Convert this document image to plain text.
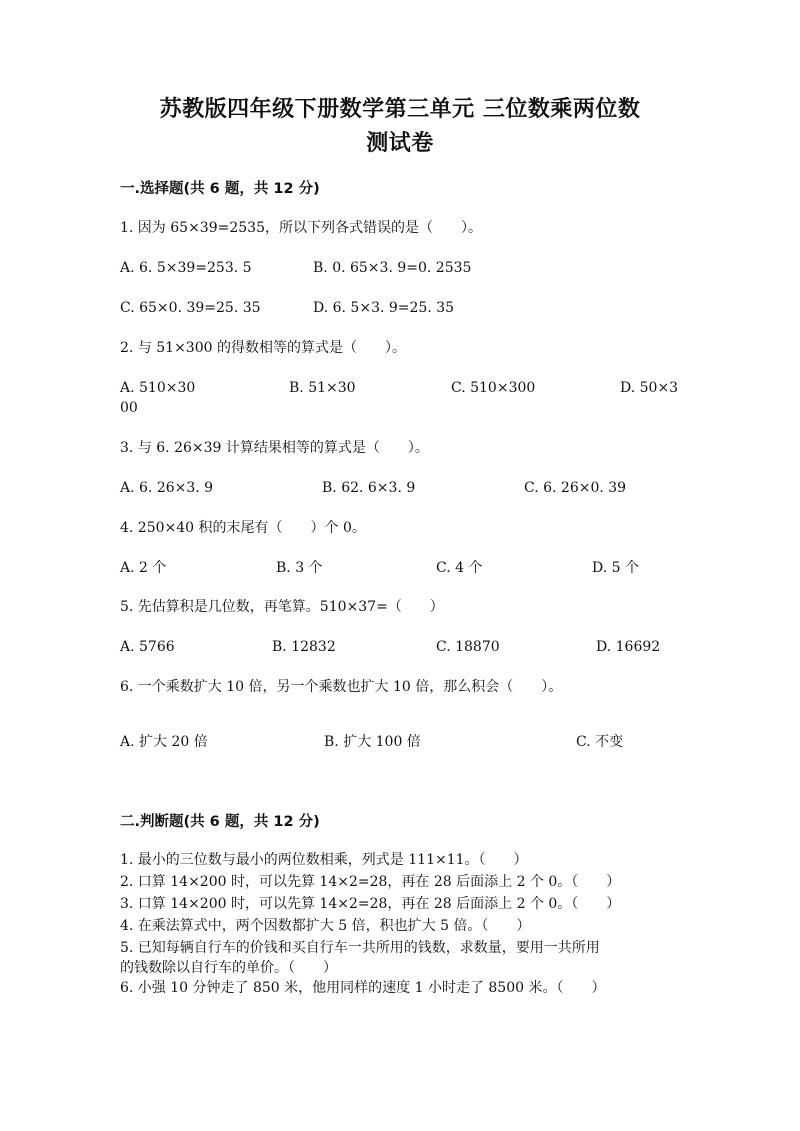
苏教版四年级下册数学第三单元 三位数乘两位数
测试卷
一.选择题(共 6 题，共 12 分)
1. 因为 65×39=2535，所以下列各式错误的是（　　）。
A. 6. 5×39=253. 5	B. 0. 65×3. 9=0. 2535
C. 65×0. 39=25. 35	D. 6. 5×3. 9=25. 35
2. 与 51×300 的得数相等的算式是（　　）。
A. 510×30	B. 51×30	C. 510×300	D. 50×3
00
3. 与 6. 26×39 计算结果相等的算式是（　　）。
A. 6. 26×3. 9	B. 62. 6×3. 9	C. 6. 26×0. 39
4. 250×40 积的末尾有（　　）个 0。
A. 2 个	B. 3 个	C. 4 个	D. 5 个
5. 先估算积是几位数，再笔算。510×37=（　　）
A. 5766	B. 12832	C. 18870	D. 16692
6. 一个乘数扩大 10 倍，另一个乘数也扩大 10 倍，那么积会（　　）。
A. 扩大 20 倍	B. 扩大 100 倍	C. 不变
二.判断题(共 6 题，共 12 分)
1. 最小的三位数与最小的两位数相乘，列式是 111×11。（　　）
2. 口算 14×200 时，可以先算 14×2=28，再在 28 后面添上 2 个 0。（　　）
3. 口算 14×200 时，可以先算 14×2=28，再在 28 后面添上 2 个 0。（　　）
4. 在乘法算式中，两个因数都扩大 5 倍，积也扩大 5 倍。（　　）
5. 已知每辆自行车的价钱和买自行车一共所用的钱数，求数量，要用一共所用
的钱数除以自行车的单价。（　　）
6. 小强 10 分钟走了 850 米，他用同样的速度 1 小时走了 8500 米。（　　）
